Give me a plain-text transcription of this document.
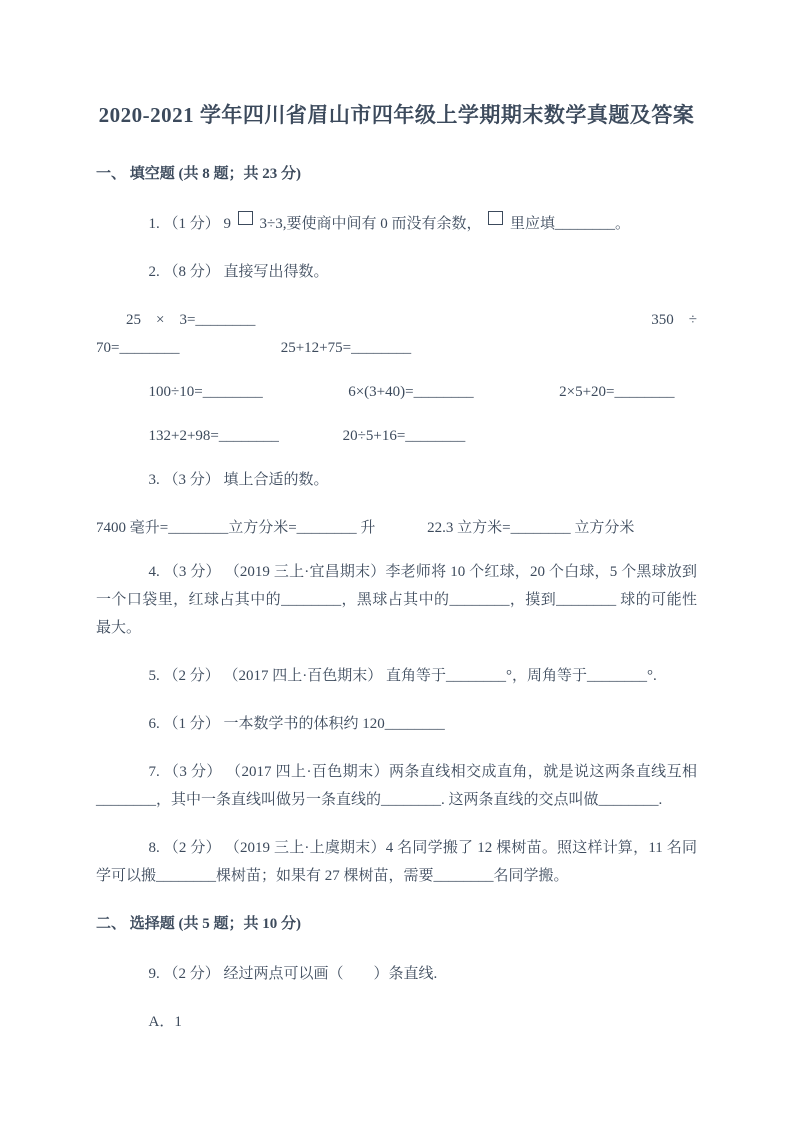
2020-2021 学年四川省眉山市四年级上学期期末数学真题及答案

一、 填空题 (共 8 题；共 23 分)

1. （1 分） 9  3÷3,要使商中间有 0 而没有余数，  里应填________。

2. （8 分） 直接写出得数。

25　×　3=________	350　÷
70=________	25+12+75=________
100÷10=________	6×(3+40)=________	2×5+20=________
132+2+98=________	20÷5+16=________

3. （3 分） 填上合适的数。

7400 毫升=________立方分米=________ 升	22.3 立方米=________ 立方分米

4. （3 分） （2019 三上·宜昌期末）李老师将 10 个红球，20 个白球，5 个黑球放到一个口袋里，红球占其中的________，黑球占其中的________，摸到________ 球的可能性最大。

5. （2 分） （2017 四上·百色期末） 直角等于________°，周角等于________°.

6. （1 分） 一本数学书的体积约 120________

7. （3 分） （2017 四上·百色期末）两条直线相交成直角，就是说这两条直线互相________，其中一条直线叫做另一条直线的________. 这两条直线的交点叫做________.

8. （2 分） （2019 三上·上虞期末）4 名同学搬了 12 棵树苗。照这样计算，11 名同学可以搬________棵树苗；如果有 27 棵树苗，需要________名同学搬。

二、 选择题 (共 5 题；共 10 分)

9. （2 分） 经过两点可以画（　　）条直线.

A．1
